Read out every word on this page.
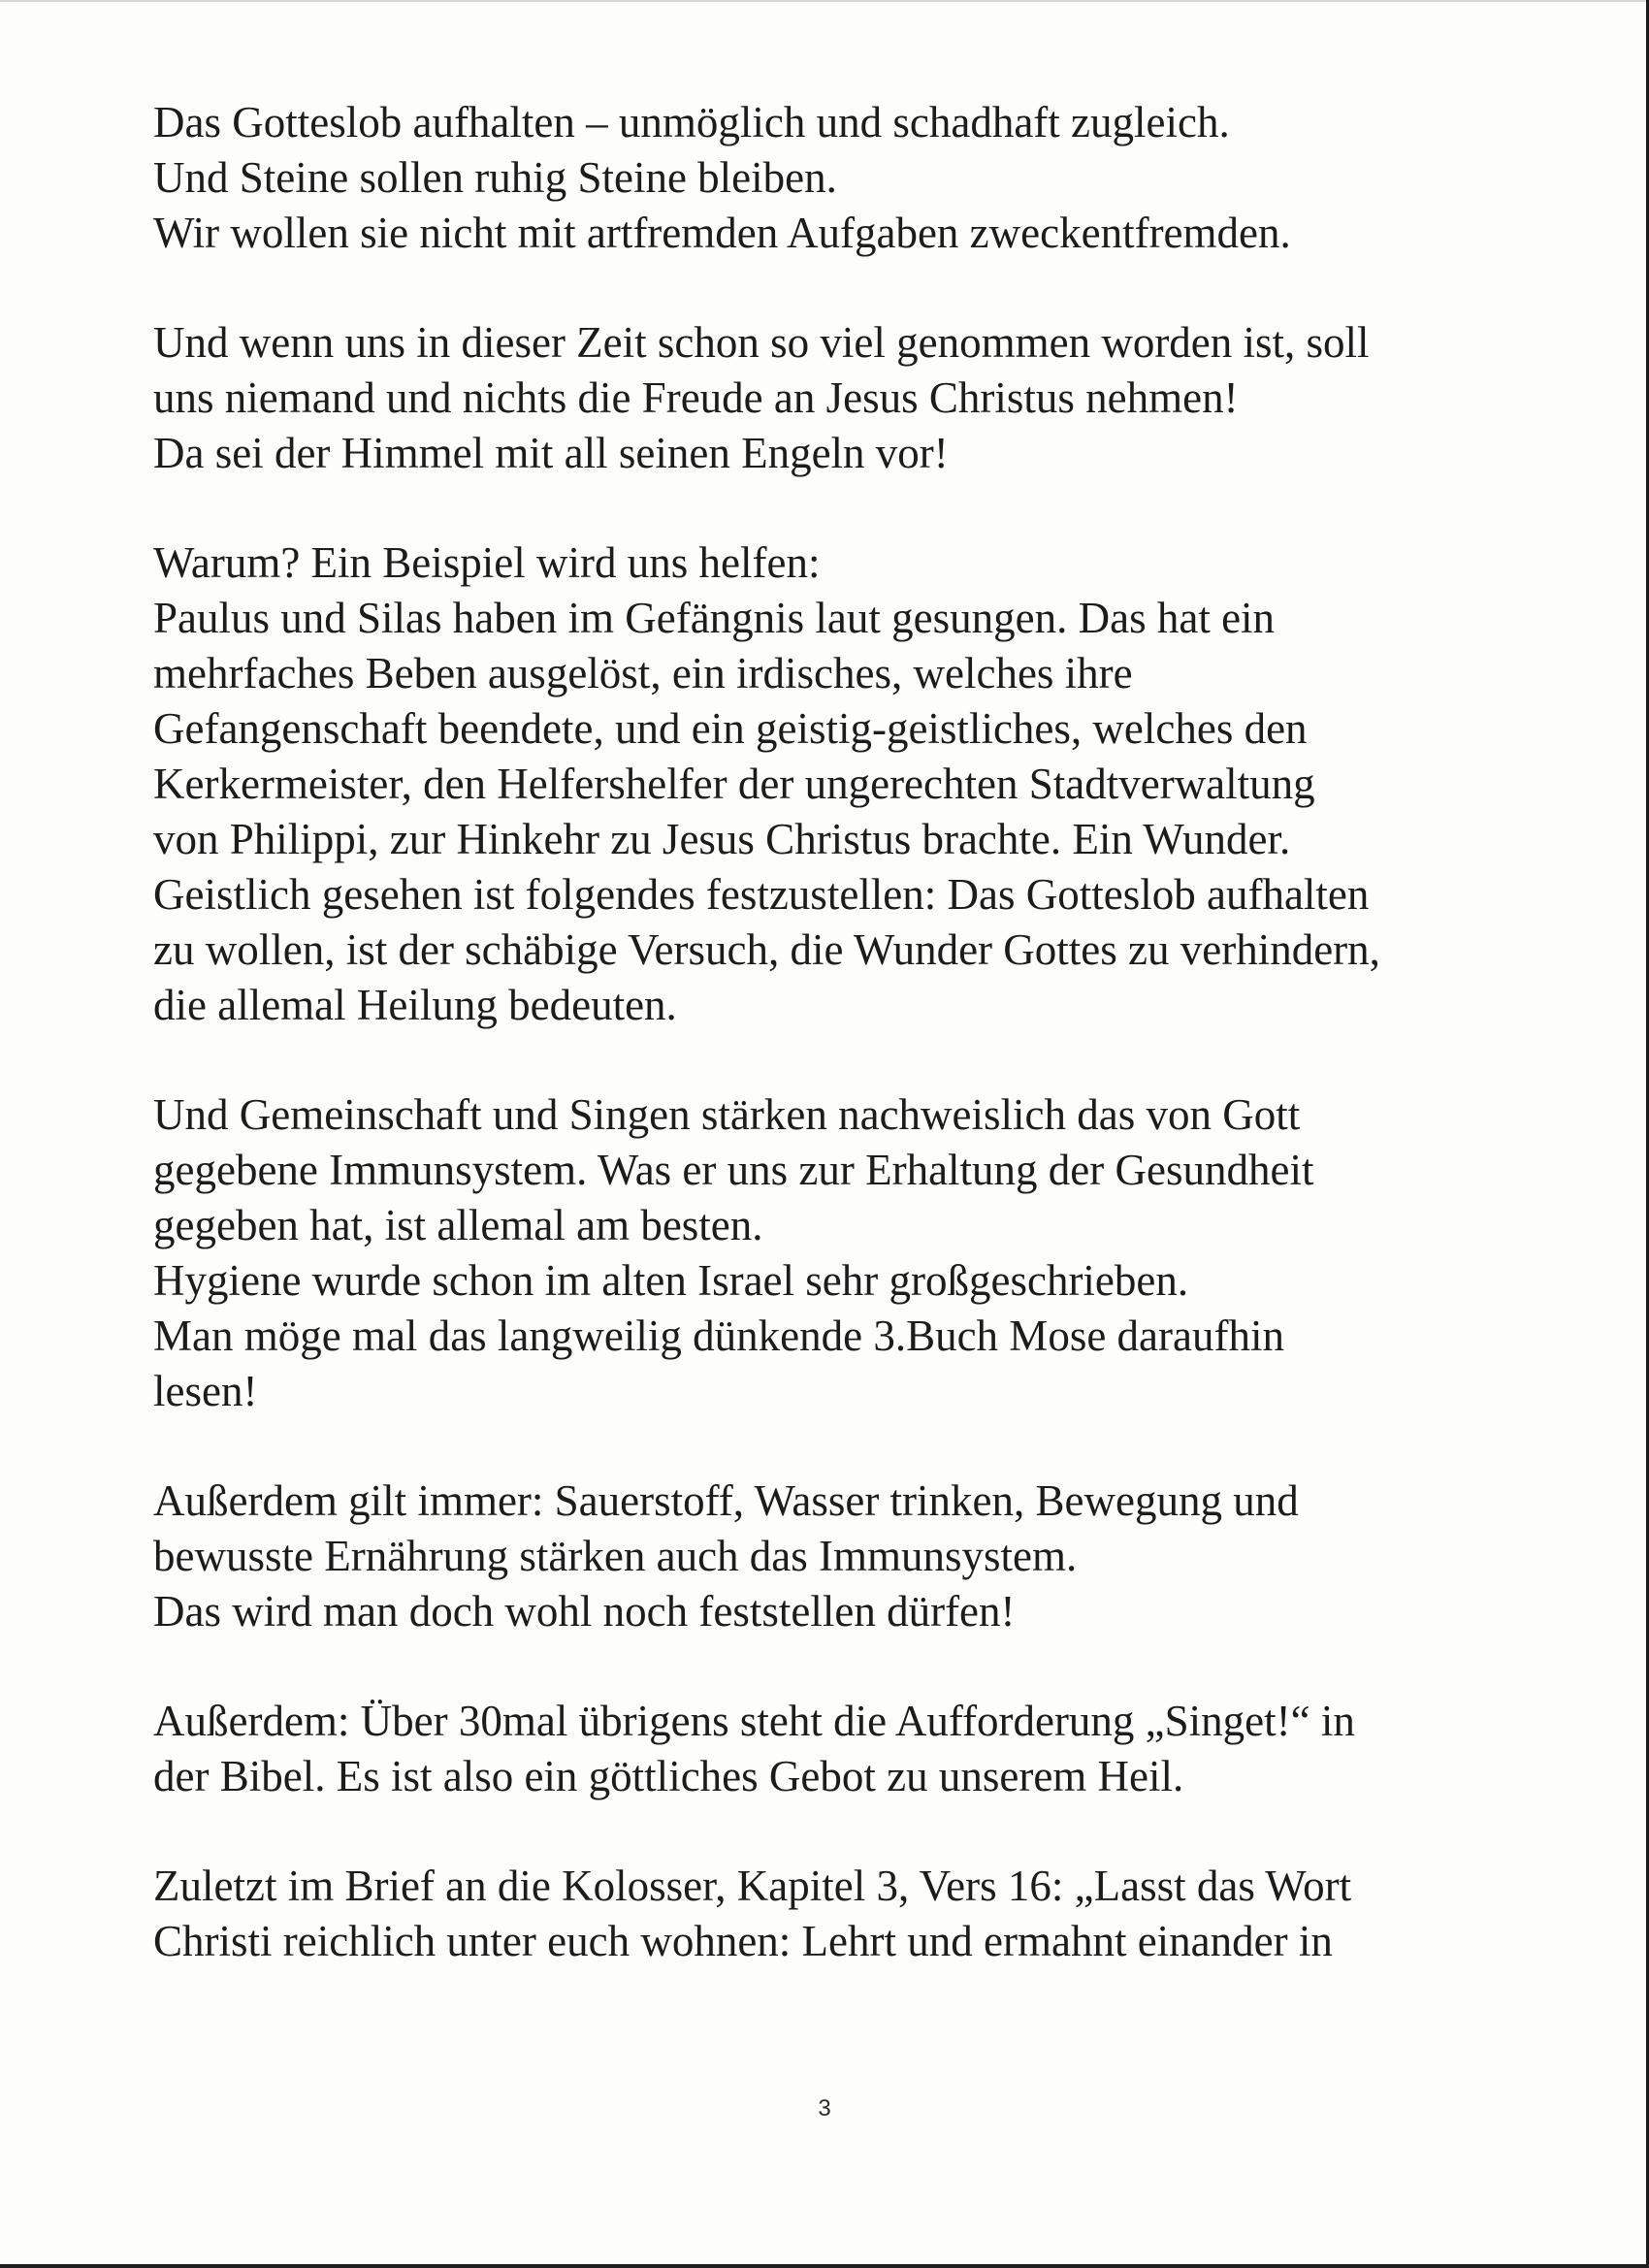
Das Gotteslob aufhalten – unmöglich und schadhaft zugleich.
Und Steine sollen ruhig Steine bleiben.
Wir wollen sie nicht mit artfremden Aufgaben zweckentfremden.

Und wenn uns in dieser Zeit schon so viel genommen worden ist, soll
uns niemand und nichts die Freude an Jesus Christus nehmen!
Da sei der Himmel mit all seinen Engeln vor!

Warum? Ein Beispiel wird uns helfen:
Paulus und Silas haben im Gefängnis laut gesungen. Das hat ein
mehrfaches Beben ausgelöst, ein irdisches, welches ihre
Gefangenschaft beendete, und ein geistig-geistliches, welches den
Kerkermeister, den Helfershelfer der ungerechten Stadtverwaltung
von Philippi, zur Hinkehr zu Jesus Christus brachte. Ein Wunder.
Geistlich gesehen ist folgendes festzustellen: Das Gotteslob aufhalten
zu wollen, ist der schäbige Versuch, die Wunder Gottes zu verhindern,
die allemal Heilung bedeuten.

Und Gemeinschaft und Singen stärken nachweislich das von Gott
gegebene Immunsystem. Was er uns zur Erhaltung der Gesundheit
gegeben hat, ist allemal am besten.
Hygiene wurde schon im alten Israel sehr großgeschrieben.
Man möge mal das langweilig dünkende 3.Buch Mose daraufhin
lesen!

Außerdem gilt immer: Sauerstoff, Wasser trinken, Bewegung und
bewusste Ernährung stärken auch das Immunsystem.
Das wird man doch wohl noch feststellen dürfen!

Außerdem: Über 30mal übrigens steht die Aufforderung „Singet!“ in
der Bibel. Es ist also ein göttliches Gebot zu unserem Heil.

Zuletzt im Brief an die Kolosser, Kapitel 3, Vers 16: „Lasst das Wort
Christi reichlich unter euch wohnen: Lehrt und ermahnt einander in

3
